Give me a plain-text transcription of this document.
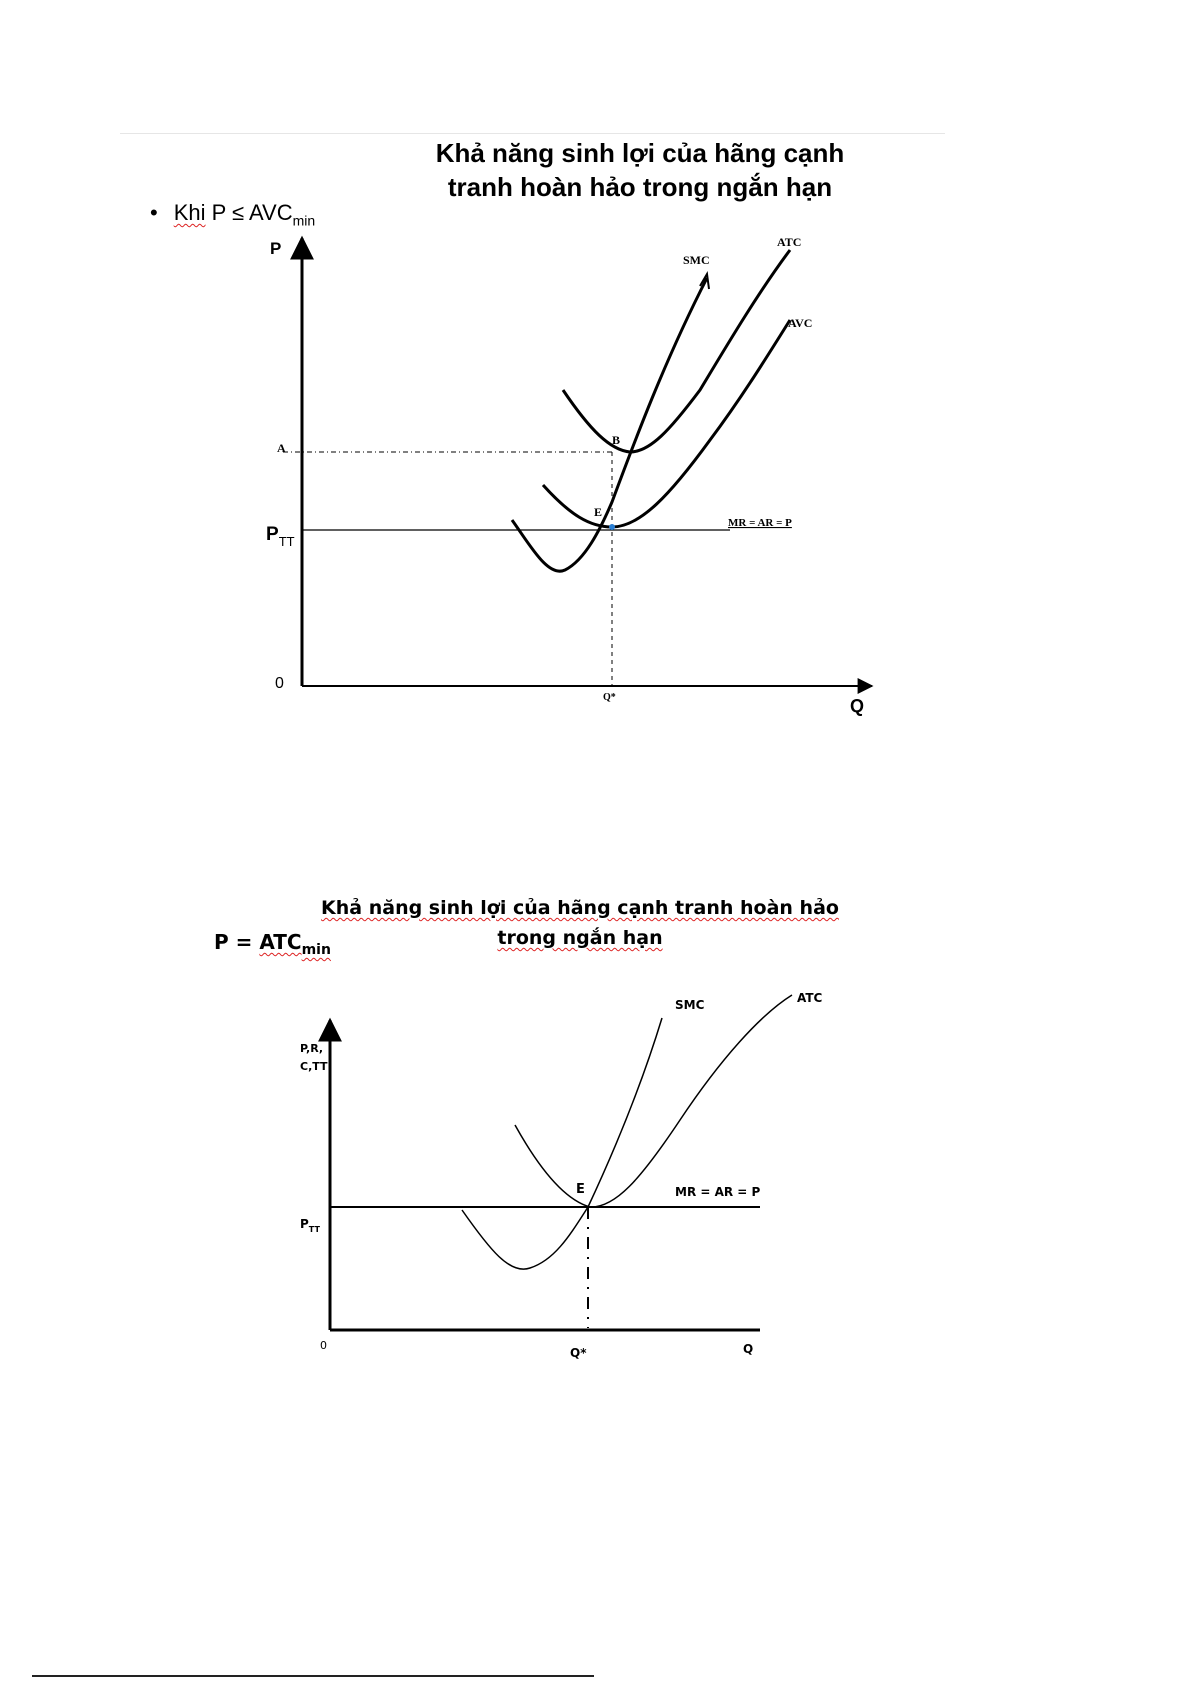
Khả năng sinh lợi của hãng cạnh
tranh hoàn hảo trong ngắn hạn
• Khi $P \le AVC_{min}$
Khả năng sinh lợi của hãng cạnh tranh hoàn hảo
trong ngắn hạn
$P = ATC_{min}$
P
Q
0
A
B
E
$P_{TT}$
Q*
SMC
ATC
AVC
MR = AR = P
E
P,R,
C,TT
0	Q
Q*
$P_{TT}$
SMC	ATC
MR = AR = P
